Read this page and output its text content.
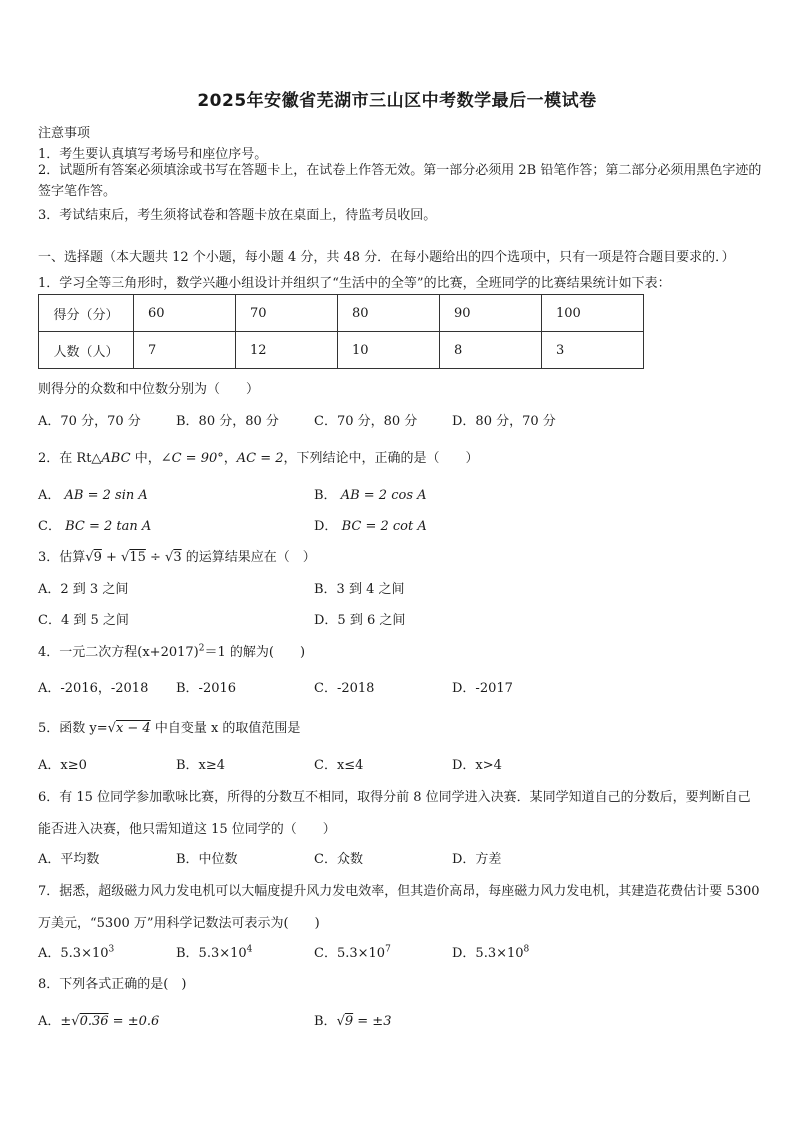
2025年安徽省芜湖市三山区中考数学最后一模试卷
注意事项
1．考生要认真填写考场号和座位序号。
2．试题所有答案必须填涂或书写在答题卡上，在试卷上作答无效。第一部分必须用 2B 铅笔作答；第二部分必须用黑色字迹的签字笔作答。
3．考试结束后，考生须将试卷和答题卡放在桌面上，待监考员收回。
一、选择题（本大题共 12 个小题，每小题 4 分，共 48 分．在每小题给出的四个选项中，只有一项是符合题目要求的．）
1．学习全等三角形时，数学兴趣小组设计并组织了“生活中的全等”的比赛，全班同学的比赛结果统计如下表：
得分（分）	60	70	80	90	100
人数（人）	7	12	10	8	3
则得分的众数和中位数分别为（　　）
A．70 分，70 分	B．80 分，80 分	C．70 分，80 分	D．80 分，70 分
2．在 Rt△ABC 中，∠C = 90°，AC = 2，下列结论中，正确的是（　　）
A． AB = 2 sin A	B． AB = 2 cos A
C． BC = 2 tan A	D． BC = 2 cot A
3．估算√9 + √15 ÷ √3 的运算结果应在（　）
A．2 到 3 之间	B．3 到 4 之间
C．4 到 5 之间	D．5 到 6 之间
4．一元二次方程$(x+2017)^2=1$ 的解为(　　)
A．-2016，-2018 B．-2016	C．-2018	D．-2017
5．函数 y=√x − 4 中自变量 x 的取值范围是
A．x≥0	B．x≥4	C．x≤4	D．x>4
6．有 15 位同学参加歌咏比赛，所得的分数互不相同，取得分前 8 位同学进入决赛．某同学知道自己的分数后，要判断自己能否进入决赛，他只需知道这 15 位同学的（　　）
A．平均数	B．中位数	C．众数	D．方差
7．据悉，超级磁力风力发电机可以大幅度提升风力发电效率，但其造价高昂，每座磁力风力发电机，其建造花费估计要 5300 万美元，“5300 万”用科学记数法可表示为(　　)
A．$5.3\times 10^3$	B．$5.3\times 10^4$	C．$5.3\times 10^7$	D．$5.3\times 10^8$
8．下列各式正确的是(　)
A．±√0.36 = ±0.6	B．√9 = ±3
